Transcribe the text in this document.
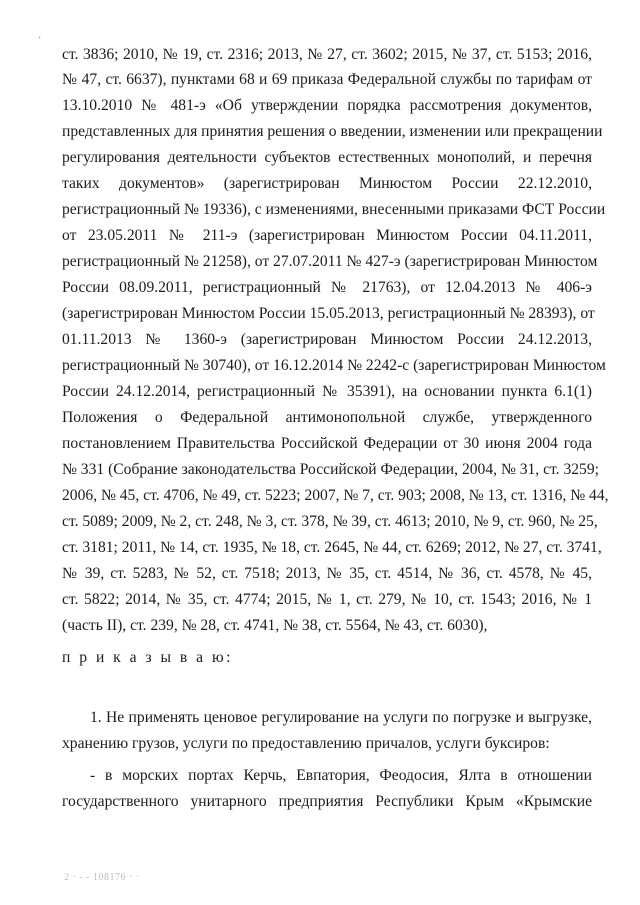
·
ст. 3836; 2010, № 19, ст. 2316; 2013, № 27, ст. 3602; 2015, № 37, ст. 5153; 2016,
№ 47, ст. 6637), пунктами 68 и 69 приказа Федеральной службы по тарифам от
13.10.2010 № 481-э «Об утверждении порядка рассмотрения документов,
представленных для принятия решения о введении, изменении или прекращении
регулирования деятельности субъектов естественных монополий, и перечня
таких документов» (зарегистрирован Минюстом России 22.12.2010,
регистрационный № 19336), с изменениями, внесенными приказами ФСТ России
от 23.05.2011 № 211-э (зарегистрирован Минюстом России 04.11.2011,
регистрационный № 21258), от 27.07.2011 № 427-э (зарегистрирован Минюстом
России 08.09.2011, регистрационный № 21763), от 12.04.2013 № 406-э
(зарегистрирован Минюстом России 15.05.2013, регистрационный № 28393), от
01.11.2013 № 1360-э (зарегистрирован Минюстом России 24.12.2013,
регистрационный № 30740), от 16.12.2014 № 2242-с (зарегистрирован Минюстом
России 24.12.2014, регистрационный № 35391), на основании пункта 6.1(1)
Положения о Федеральной антимонопольной службе, утвержденного
постановлением Правительства Российской Федерации от 30 июня 2004 года
№ 331 (Собрание законодательства Российской Федерации, 2004, № 31, ст. 3259;
2006, № 45, ст. 4706, № 49, ст. 5223; 2007, № 7, ст. 903; 2008, № 13, ст. 1316, № 44,
ст. 5089; 2009, № 2, ст. 248, № 3, ст. 378, № 39, ст. 4613; 2010, № 9, ст. 960, № 25,
ст. 3181; 2011, № 14, ст. 1935, № 18, ст. 2645, № 44, ст. 6269; 2012, № 27, ст. 3741,
№ 39, ст. 5283, № 52, ст. 7518; 2013, № 35, ст. 4514, № 36, ст. 4578, № 45,
ст. 5822; 2014, № 35, ст. 4774; 2015, № 1, ст. 279, № 10, ст. 1543; 2016, № 1
(часть II), ст. 239, № 28, ст. 4741, № 38, ст. 5564, № 43, ст. 6030),
п р и к а з ы в а ю:
1. Не применять ценовое регулирование на услуги по погрузке и выгрузке,
хранению грузов, услуги по предоставлению причалов, услуги буксиров:
- в морских портах Керчь, Евпатория, Феодосия, Ялта в отношении
государственного унитарного предприятия Республики Крым «Крымские
2 · - - 108176 · ·
